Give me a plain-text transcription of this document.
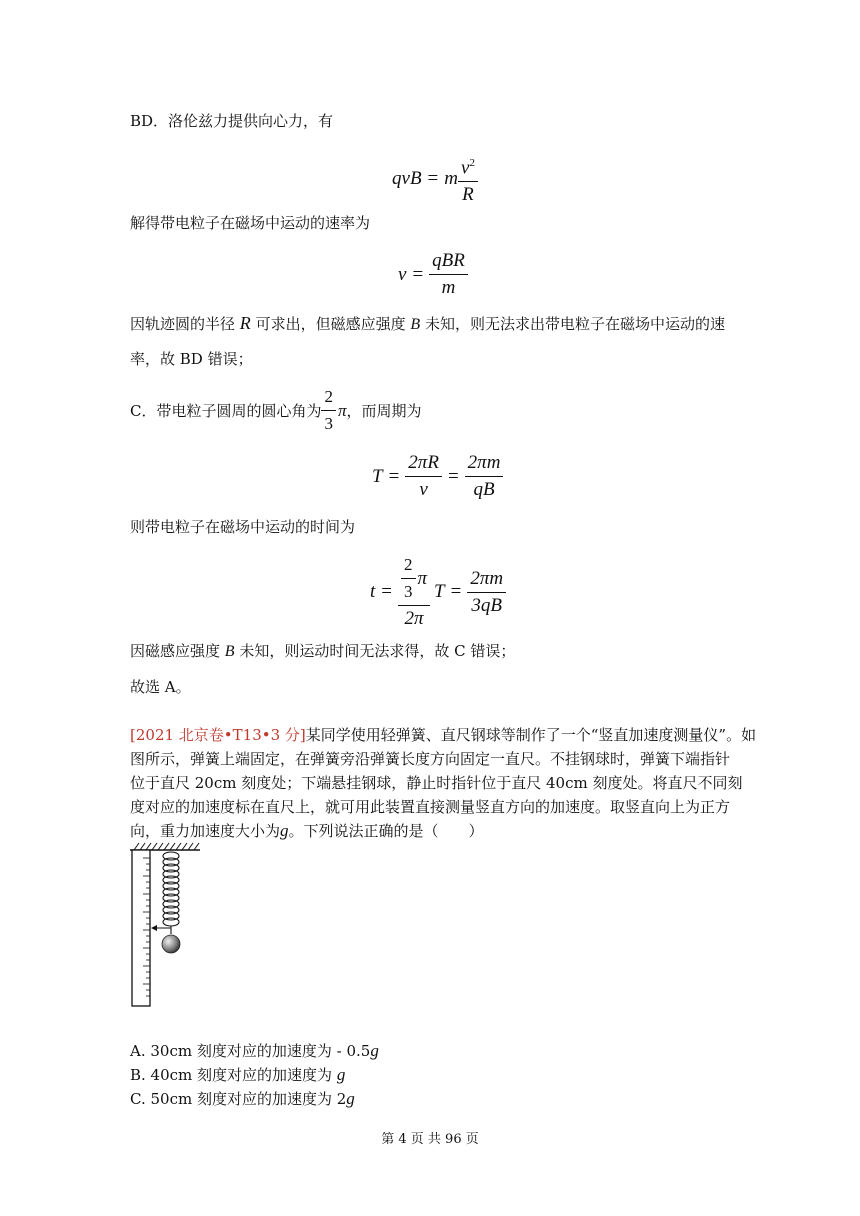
BD．洛伦兹力提供向心力，有
qvB = m $\frac{v^2}{R}$
解得带电粒子在磁场中运动的速率为
$v = \frac{\text{qBR}}{m}$
因轨迹圆的半径 R 可求出，但磁感应强度 B 未知，则无法求出带电粒子在磁场中运动的速
率，故 BD 错误；
C．带电粒子圆周的圆心角为 $\frac{2}{3}$ π ，而周期为
$T = \frac{2\pi R}{v} = \frac{2\pi m}{qB}$
则带电粒子在磁场中运动的时间为
$t = \frac{\frac{2}{3} \pi}{2\pi}$ $T = \frac{2\pi m}{3qB}$
因磁感应强度 B 未知，则运动时间无法求得，故 C 错误；
故选 A。
[2021 北京卷•T13•3 分]某同学使用轻弹簧、直尺钢球等制作了一个“竖直加速度测量仪”。如
图所示，弹簧上端固定，在弹簧旁沿弹簧长度方向固定一直尺。不挂钢球时，弹簧下端指针
位于直尺 20cm 刻度处；下端悬挂钢球，静止时指针位于直尺 40cm 刻度处。将直尺不同刻
度对应的加速度标在直尺上，就可用此装置直接测量竖直方向的加速度。取竖直向上为正方
向，重力加速度大小为g。下列说法正确的是（　　）
A. 30cm 刻度对应的加速度为 - 0.5g
B. 40cm 刻度对应的加速度为 g
C. 50cm 刻度对应的加速度为 2g
第 4 页 共 96 页
